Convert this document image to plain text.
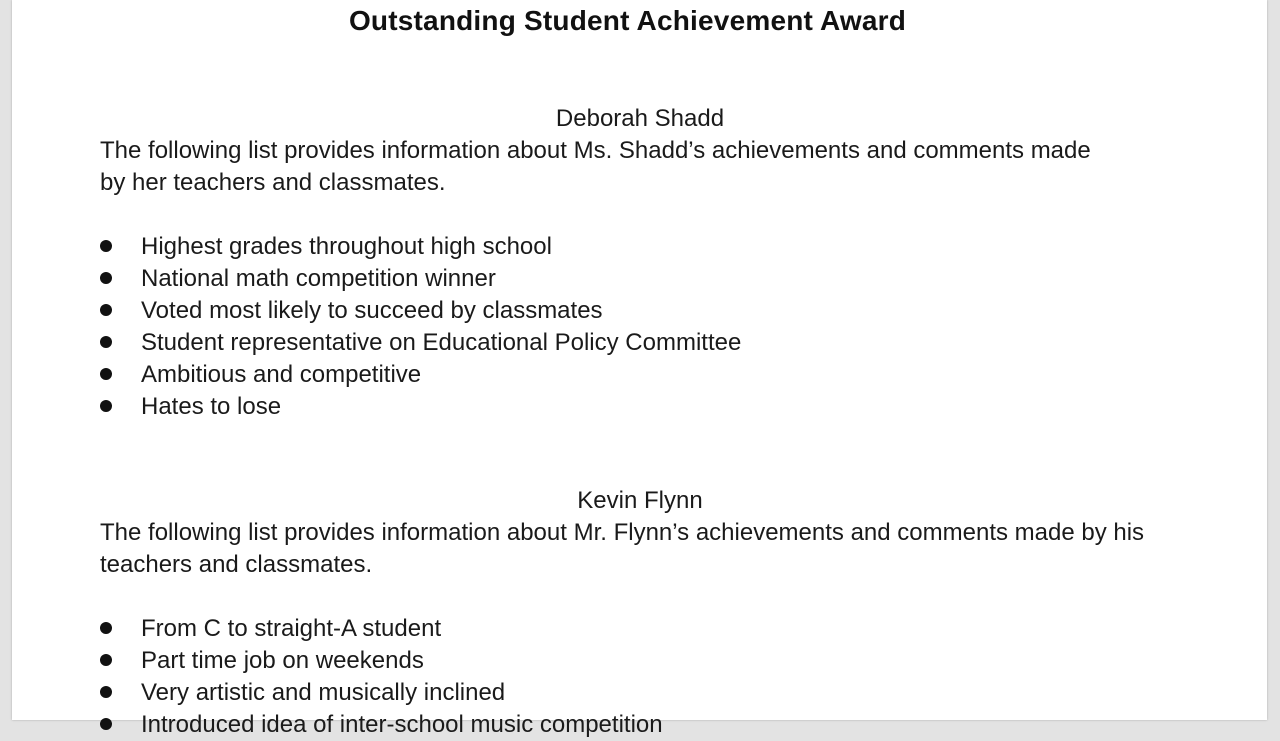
Outstanding Student Achievement Award
Deborah Shadd

The following list provides information about Ms. Shadd’s achievements and comments made by her teachers and classmates.

Highest grades throughout high school
National math competition winner
Voted most likely to succeed by classmates
Student representative on Educational Policy Committee
Ambitious and competitive
Hates to lose
Kevin Flynn

The following list provides information about Mr. Flynn’s achievements and comments made by his teachers and classmates.

From C to straight-A student
Part time job on weekends
Very artistic and musically inclined
Introduced idea of inter-school music competition
